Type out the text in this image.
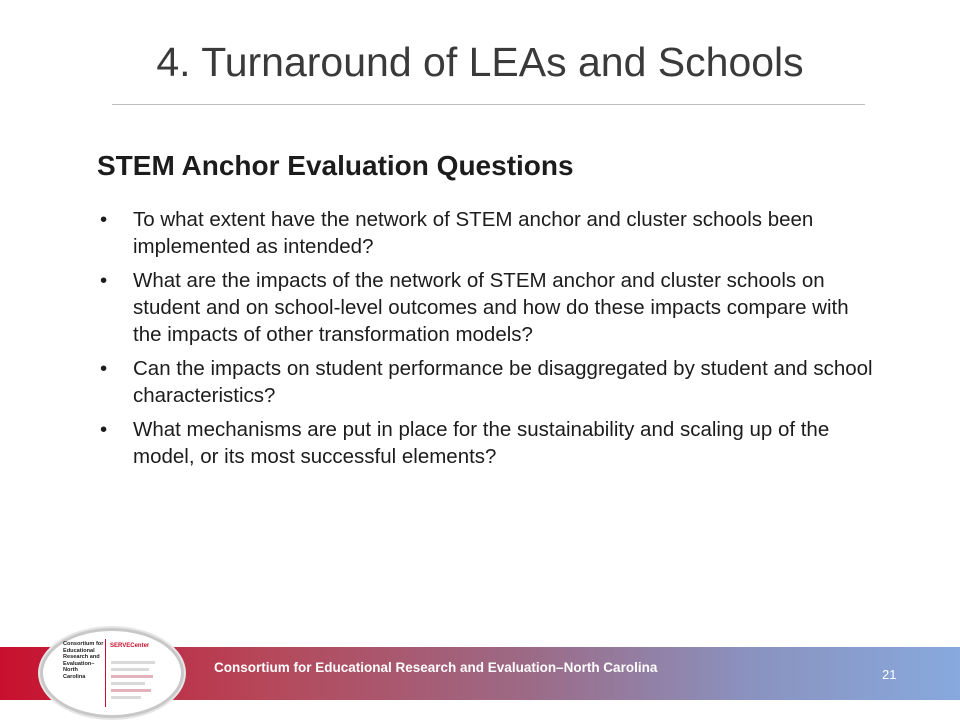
4. Turnaround of LEAs and Schools
STEM Anchor Evaluation Questions
• To what extent have the network of STEM anchor and cluster schools been implemented as intended?
• What are the impacts of the network of STEM anchor and cluster schools on student and on school-level outcomes and how do these impacts compare with the impacts of other transformation models?
• Can the impacts on student performance be disaggregated by student and school characteristics?
• What mechanisms are put in place for the sustainability and scaling up of the model, or its most successful elements?
Consortium for Educational Research and Evaluation–North Carolina	21
Consortium for
Educational
Research and
Evaluation–
North
Carolina
SERVECenter
